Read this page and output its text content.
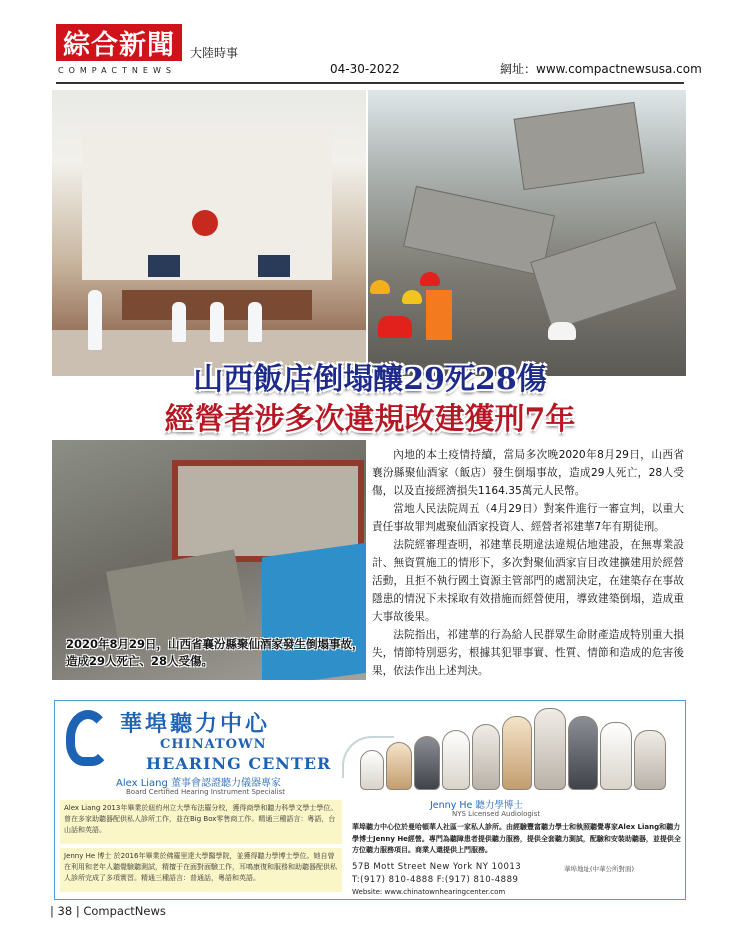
綜合新聞
COMPACTNEWS
大陸時事
04-30-2022	網址：www.compactnewsusa.com
山西飯店倒塌釀29死28傷
經營者涉多次違規改建獲刑7年
2020年8月29日，山西省襄汾縣聚仙酒家發生倒塌事故，造成29人死亡、28人受傷。

內地的本土疫情持續，當局多次晚2020年8月29日，山西省襄汾縣聚仙酒家（飯店）發生倒塌事故，造成29人死亡，28人受傷，以及直接經濟損失1164.35萬元人民幣。

當地人民法院周五（4月29日）對案件進行一審宣判，以重大責任事故罪判處聚仙酒家投資人、經營者祁建華7年有期徒刑。

法院經審理查明，祁建華長期違法違規佔地建設，在無專業設計、無資質施工的情形下，多次對聚仙酒家盲目改建擴建用於經營活動，且拒不執行國土資源主管部門的處罰決定，在建築存在事故隱患的情況下未採取有效措施而經營使用，導致建築倒塌，造成重大事故後果。

法院指出，祁建華的行為給人民群眾生命財產造成特別重大損失，情節特別惡劣，根據其犯罪事實、性質、情節和造成的危害後果，依法作出上述判決。

華埠聽力中心
CHINATOWN
HEARING CENTER
Alex Liang 董事會認證聽力儀器專家
Board Certified Hearing Instrument Specialist
Alex Liang 2013年畢業於紐約州立大學布法羅分校，獲得商學和聽力科學文學士學位。曾在多家助聽器配供私人診所工作，並在Big Box零售商工作。精通三種語言：粵語，台山話和英語。
Jenny He 博士 於2016年畢業於佛羅里達大學醫學院，並獲得聽力學博士學位。她自曾在利用和老年人聽覺驗聽測試，精擅于在面對面驗工作，耳鳴康復和服務和助聽器配供私人診所完成了多項實習。精通三種語言：普通話，粵語和英語。
Jenny He 聽力學博士
NYS Licensed Audiologist
華埠聽力中心位於曼哈頓華人社區一家私人診所。由經驗豐富聽力學士和執照聽覺專家Alex Liang和聽力學博士Jenny He經營。專門為聽障患者提供聽力服務，提供全套聽力測試，配驗和安裝助聽器，並提供全方位聽力服務項目。商業人還提供上門服務。
57B Mott Street New York NY 10013	華埠地址(中華公所對面)
T:(917) 810-4888 F:(917) 810-4889
Website: www.chinatownhearingcenter.com
| 38 | CompactNews
